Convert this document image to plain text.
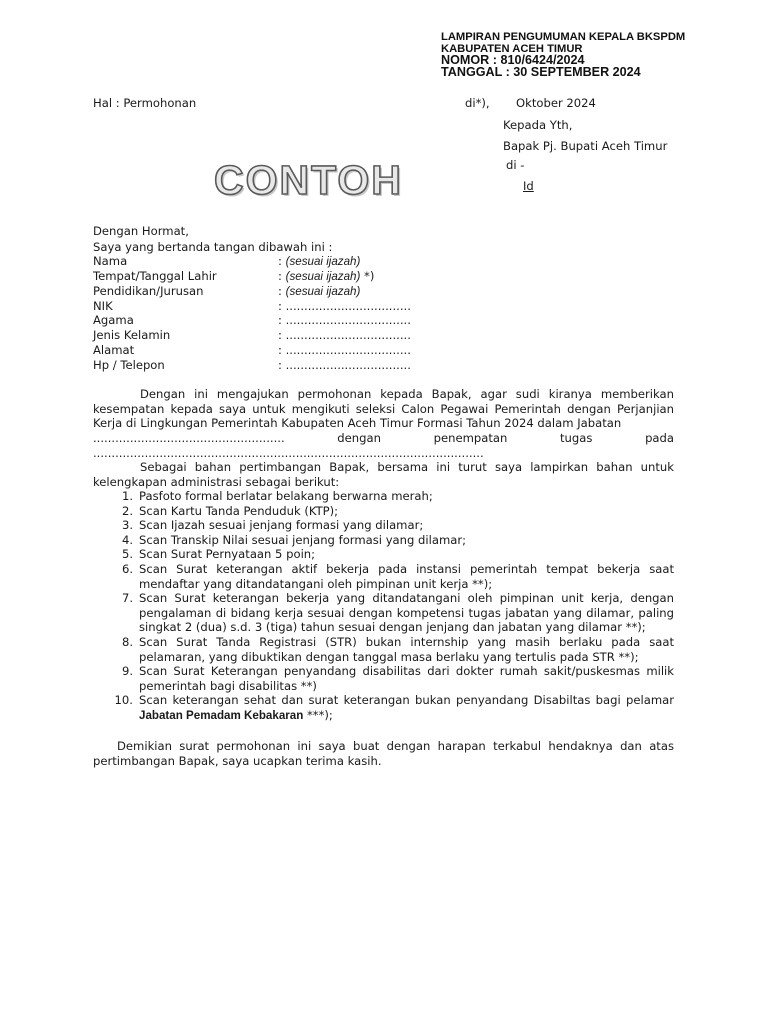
LAMPIRAN PENGUMUMAN KEPALA BKSPDM
KABUPATEN ACEH TIMUR
NOMOR : 810/6424/2024
TANGGAL : 30 SEPTEMBER 2024
Hal : Permohonan	di*), Oktober 2024
Kepada Yth,
Bapak Pj. Bupati Aceh Timur
di -
Id
CONTOH
Dengan Hormat,
Saya yang bertanda tangan dibawah ini :
Nama	: (sesuai ijazah)
Tempat/Tanggal Lahir	: (sesuai ijazah) *)
Pendidikan/Jurusan	: (sesuai ijazah)
NIK	: ..................................
Agama	: ..................................
Jenis Kelamin	: ..................................
Alamat	: ..................................
Hp / Telepon	: ..................................
Dengan ini mengajukan permohonan kepada Bapak, agar sudi kiranya memberikan kesempatan kepada saya untuk mengikuti seleksi Calon Pegawai Pemerintah dengan Perjanjian Kerja di Lingkungan Pemerintah Kabupaten Aceh Timur Formasi Tahun 2024 dalam Jabatan
....................................................	dengan	penempatan	tugas	pada
..........................................................................................................
Sebagai bahan pertimbangan Bapak, bersama ini turut saya lampirkan bahan untuk kelengkapan administrasi sebagai berikut:
1. Pasfoto formal berlatar belakang berwarna merah;
2. Scan Kartu Tanda Penduduk (KTP);
3. Scan Ijazah sesuai jenjang formasi yang dilamar;
4. Scan Transkip Nilai sesuai jenjang formasi yang dilamar;
5. Scan Surat Pernyataan 5 poin;
6. Scan Surat keterangan aktif bekerja pada instansi pemerintah tempat bekerja saat mendaftar yang ditandatangani oleh pimpinan unit kerja **);
7. Scan Surat keterangan bekerja yang ditandatangani oleh pimpinan unit kerja, dengan pengalaman di bidang kerja sesuai dengan kompetensi tugas jabatan yang dilamar, paling singkat 2 (dua) s.d. 3 (tiga) tahun sesuai dengan jenjang dan jabatan yang dilamar **);
8. Scan Surat Tanda Registrasi (STR) bukan internship yang masih berlaku pada saat pelamaran, yang dibuktikan dengan tanggal masa berlaku yang tertulis pada STR **);
9. Scan Surat Keterangan penyandang disabilitas dari dokter rumah sakit/puskesmas milik pemerintah bagi disabilitas **)
10. Scan keterangan sehat dan surat keterangan bukan penyandang Disabiltas bagi pelamar Jabatan Pemadam Kebakaran ***);
Demikian surat permohonan ini saya buat dengan harapan terkabul hendaknya dan atas pertimbangan Bapak, saya ucapkan terima kasih.
